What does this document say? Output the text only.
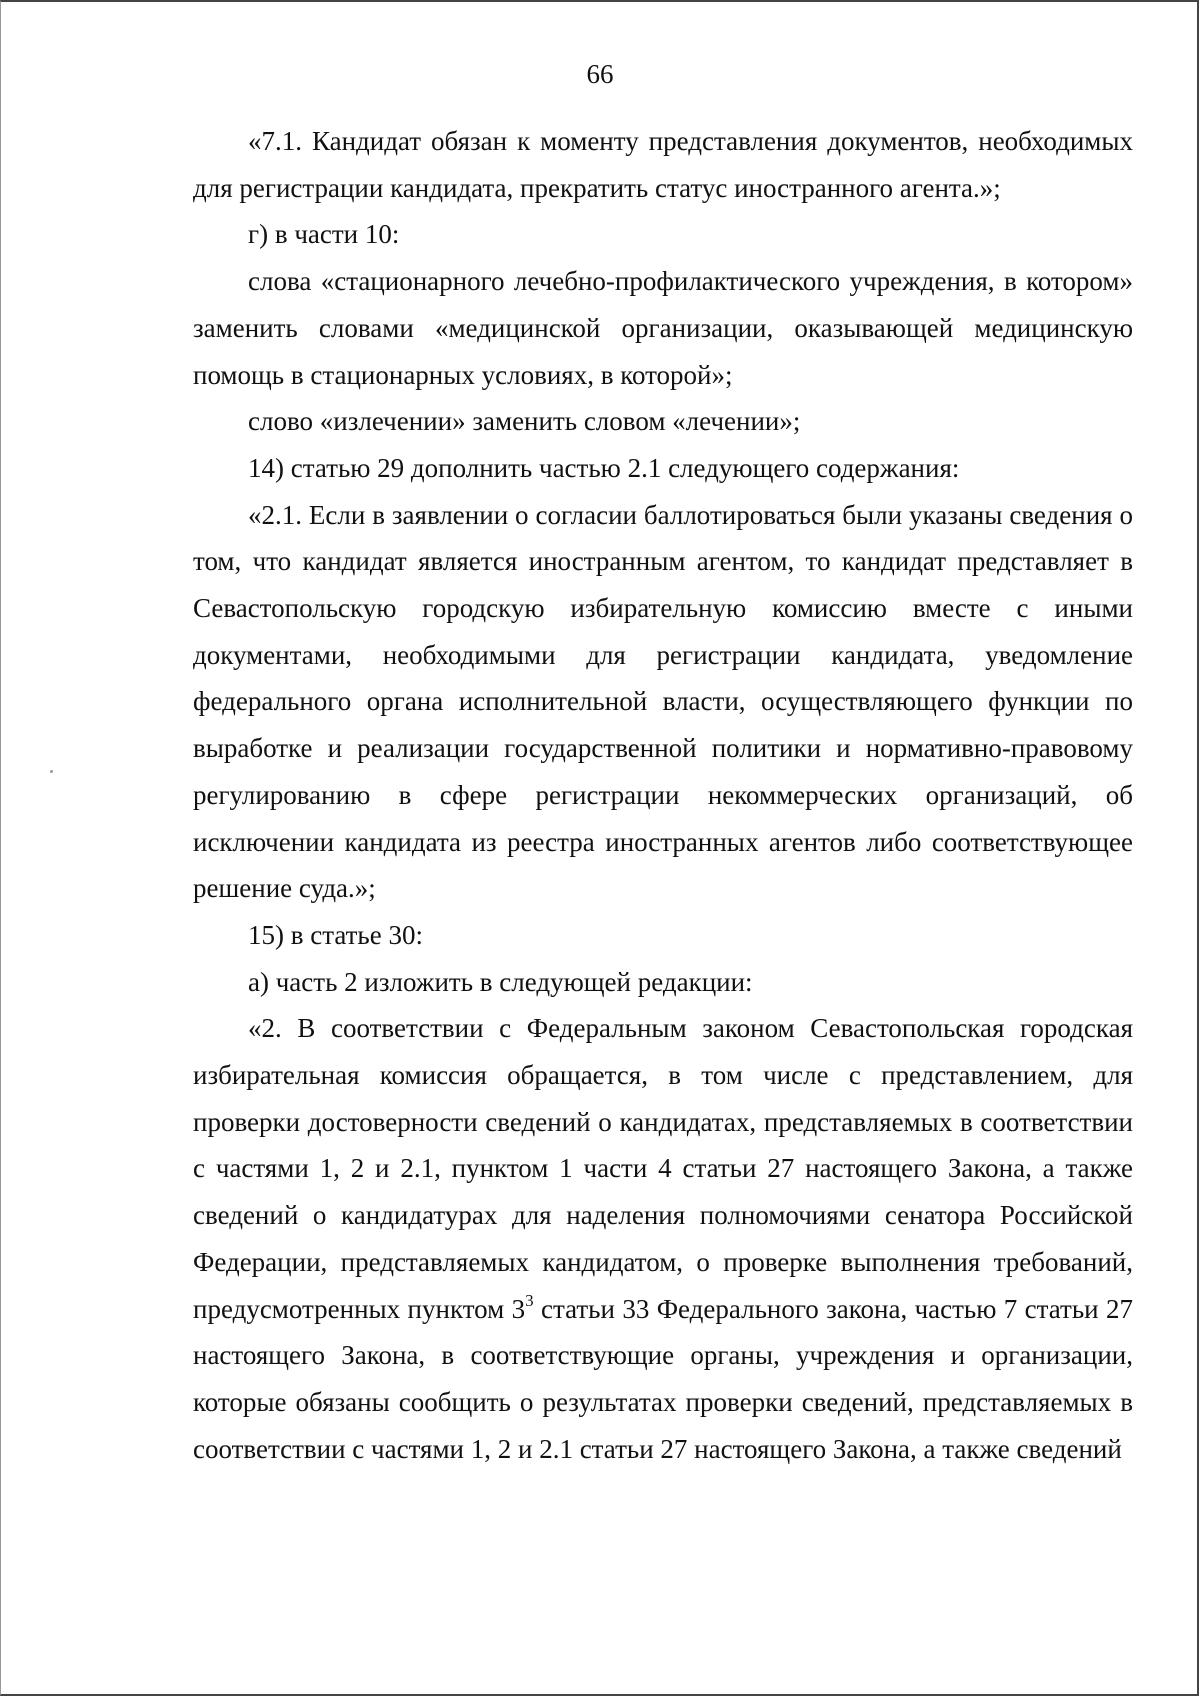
66

«7.1. Кандидат обязан к моменту представления документов, необходимых для регистрации кандидата, прекратить статус иностранного агента.»;

г) в части 10:

слова «стационарного лечебно-профилактического учреждения, в котором» заменить словами «медицинской организации, оказывающей медицинскую помощь в стационарных условиях, в которой»;

слово «излечении» заменить словом «лечении»;

14) статью 29 дополнить частью 2.1 следующего содержания:

«2.1. Если в заявлении о согласии баллотироваться были указаны сведения о том, что кандидат является иностранным агентом, то кандидат представляет в Севастопольскую городскую избирательную комиссию вместе с иными документами, необходимыми для регистрации кандидата, уведомление федерального органа исполнительной власти, осуществляющего функции по выработке и реализации государственной политики и нормативно-правовому регулированию в сфере регистрации некоммерческих организаций, об исключении кандидата из реестра иностранных агентов либо соответствующее решение суда.»;

15) в статье 30:

а) часть 2 изложить в следующей редакции:

«2. В соответствии с Федеральным законом Севастопольская городская избирательная комиссия обращается, в том числе с представлением, для проверки достоверности сведений о кандидатах, представляемых в соответствии с частями 1, 2 и 2.1, пунктом 1 части 4 статьи 27 настоящего Закона, а также сведений о кандидатурах для наделения полномочиями сенатора Российской Федерации, представляемых кандидатом, о проверке выполнения требований, предусмотренных пунктом $3^3$ статьи 33 Федерального закона, частью 7 статьи 27 настоящего Закона, в соответствующие органы, учреждения и организации, которые обязаны сообщить о результатах проверки сведений, представляемых в соответствии с частями 1, 2 и 2.1 статьи 27 настоящего Закона, а также сведений
